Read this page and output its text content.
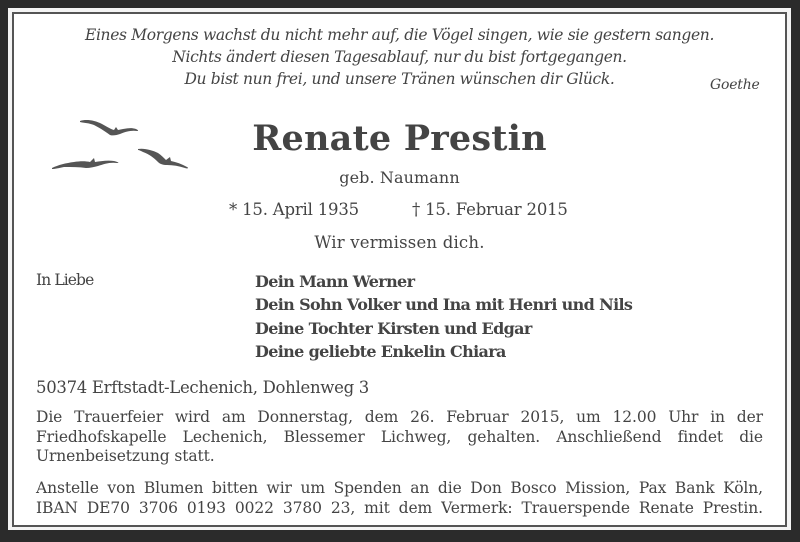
Eines Morgens wachst du nicht mehr auf, die Vögel singen, wie sie gestern sangen.
Nichts ändert diesen Tagesablauf, nur du bist fortgegangen.
Du bist nun frei, und unsere Tränen wünschen dir Glück.	Goethe
Renate Prestin
geb. Naumann
* 15. April 1935	† 15. Februar 2015
Wir vermissen dich.
In Liebe	Dein Mann Werner
Dein Sohn Volker und Ina mit Henri und Nils
Deine Tochter Kirsten und Edgar
Deine geliebte Enkelin Chiara
50374 Erftstadt-Lechenich, Dohlenweg 3
Die Trauerfeier wird am Donnerstag, dem 26. Februar 2015, um 12.00 Uhr in der
Friedhofskapelle Lechenich, Blessemer Lichweg, gehalten. Anschließend findet die
Urnenbeisetzung statt.
Anstelle von Blumen bitten wir um Spenden an die Don Bosco Mission, Pax Bank Köln,
IBAN DE70 3706 0193 0022 3780 23, mit dem Vermerk: Trauerspende Renate Prestin.
